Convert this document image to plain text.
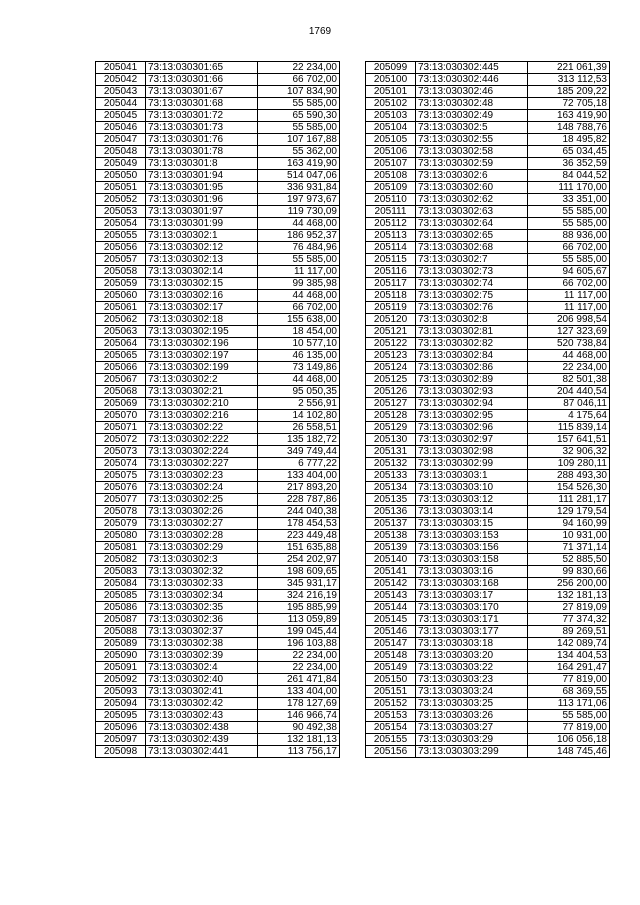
1769
205041	73:13:030301:65	22 234,00
205042	73:13:030301:66	66 702,00
205043	73:13:030301:67	107 834,90
205044	73:13:030301:68	55 585,00
205045	73:13:030301:72	65 590,30
205046	73:13:030301:73	55 585,00
205047	73:13:030301:76	107 167,88
205048	73:13:030301:78	55 362,00
205049	73:13:030301:8	163 419,90
205050	73:13:030301:94	514 047,06
205051	73:13:030301:95	336 931,84
205052	73:13:030301:96	197 973,67
205053	73:13:030301:97	119 730,09
205054	73:13:030301:99	44 468,00
205055	73:13:030302:1	186 952,37
205056	73:13:030302:12	76 484,96
205057	73:13:030302:13	55 585,00
205058	73:13:030302:14	11 117,00
205059	73:13:030302:15	99 385,98
205060	73:13:030302:16	44 468,00
205061	73:13:030302:17	66 702,00
205062	73:13:030302:18	155 638,00
205063	73:13:030302:195	18 454,00
205064	73:13:030302:196	10 577,10
205065	73:13:030302:197	46 135,00
205066	73:13:030302:199	73 149,86
205067	73:13:030302:2	44 468,00
205068	73:13:030302:21	95 050,35
205069	73:13:030302:210	2 556,91
205070	73:13:030302:216	14 102,80
205071	73:13:030302:22	26 558,51
205072	73:13:030302:222	135 182,72
205073	73:13:030302:224	349 749,44
205074	73:13:030302:227	6 777,22
205075	73:13:030302:23	133 404,00
205076	73:13:030302:24	217 893,20
205077	73:13:030302:25	228 787,86
205078	73:13:030302:26	244 040,38
205079	73:13:030302:27	178 454,53
205080	73:13:030302:28	223 449,48
205081	73:13:030302:29	151 635,88
205082	73:13:030302:3	254 202,97
205083	73:13:030302:32	198 609,65
205084	73:13:030302:33	345 931,17
205085	73:13:030302:34	324 216,19
205086	73:13:030302:35	195 885,99
205087	73:13:030302:36	113 059,89
205088	73:13:030302:37	199 045,44
205089	73:13:030302:38	196 103,88
205090	73:13:030302:39	22 234,00
205091	73:13:030302:4	22 234,00
205092	73:13:030302:40	261 471,84
205093	73:13:030302:41	133 404,00
205094	73:13:030302:42	178 127,69
205095	73:13:030302:43	146 966,74
205096	73:13:030302:438	90 492,38
205097	73:13:030302:439	132 181,13
205098	73:13:030302:441	113 756,17
205099	73:13:030302:445	221 061,39
205100	73:13:030302:446	313 112,53
205101	73:13:030302:46	185 209,22
205102	73:13:030302:48	72 705,18
205103	73:13:030302:49	163 419,90
205104	73:13:030302:5	148 788,76
205105	73:13:030302:55	18 495,82
205106	73:13:030302:58	65 034,45
205107	73:13:030302:59	36 352,59
205108	73:13:030302:6	84 044,52
205109	73:13:030302:60	111 170,00
205110	73:13:030302:62	33 351,00
205111	73:13:030302:63	55 585,00
205112	73:13:030302:64	55 585,00
205113	73:13:030302:65	88 936,00
205114	73:13:030302:68	66 702,00
205115	73:13:030302:7	55 585,00
205116	73:13:030302:73	94 605,67
205117	73:13:030302:74	66 702,00
205118	73:13:030302:75	11 117,00
205119	73:13:030302:76	11 117,00
205120	73:13:030302:8	206 998,54
205121	73:13:030302:81	127 323,69
205122	73:13:030302:82	520 738,84
205123	73:13:030302:84	44 468,00
205124	73:13:030302:86	22 234,00
205125	73:13:030302:89	82 501,38
205126	73:13:030302:93	204 440,54
205127	73:13:030302:94	87 046,11
205128	73:13:030302:95	4 175,64
205129	73:13:030302:96	115 839,14
205130	73:13:030302:97	157 641,51
205131	73:13:030302:98	32 906,32
205132	73:13:030302:99	109 280,11
205133	73:13:030303:1	288 493,30
205134	73:13:030303:10	154 526,30
205135	73:13:030303:12	111 281,17
205136	73:13:030303:14	129 179,54
205137	73:13:030303:15	94 160,99
205138	73:13:030303:153	10 931,00
205139	73:13:030303:156	71 371,14
205140	73:13:030303:158	52 885,50
205141	73:13:030303:16	99 830,66
205142	73:13:030303:168	256 200,00
205143	73:13:030303:17	132 181,13
205144	73:13:030303:170	27 819,09
205145	73:13:030303:171	77 374,32
205146	73:13:030303:177	89 269,51
205147	73:13:030303:18	142 089,74
205148	73:13:030303:20	134 404,53
205149	73:13:030303:22	164 291,47
205150	73:13:030303:23	77 819,00
205151	73:13:030303:24	68 369,55
205152	73:13:030303:25	113 171,06
205153	73:13:030303:26	55 585,00
205154	73:13:030303:27	77 819,00
205155	73:13:030303:29	106 056,18
205156	73:13:030303:299	148 745,46
